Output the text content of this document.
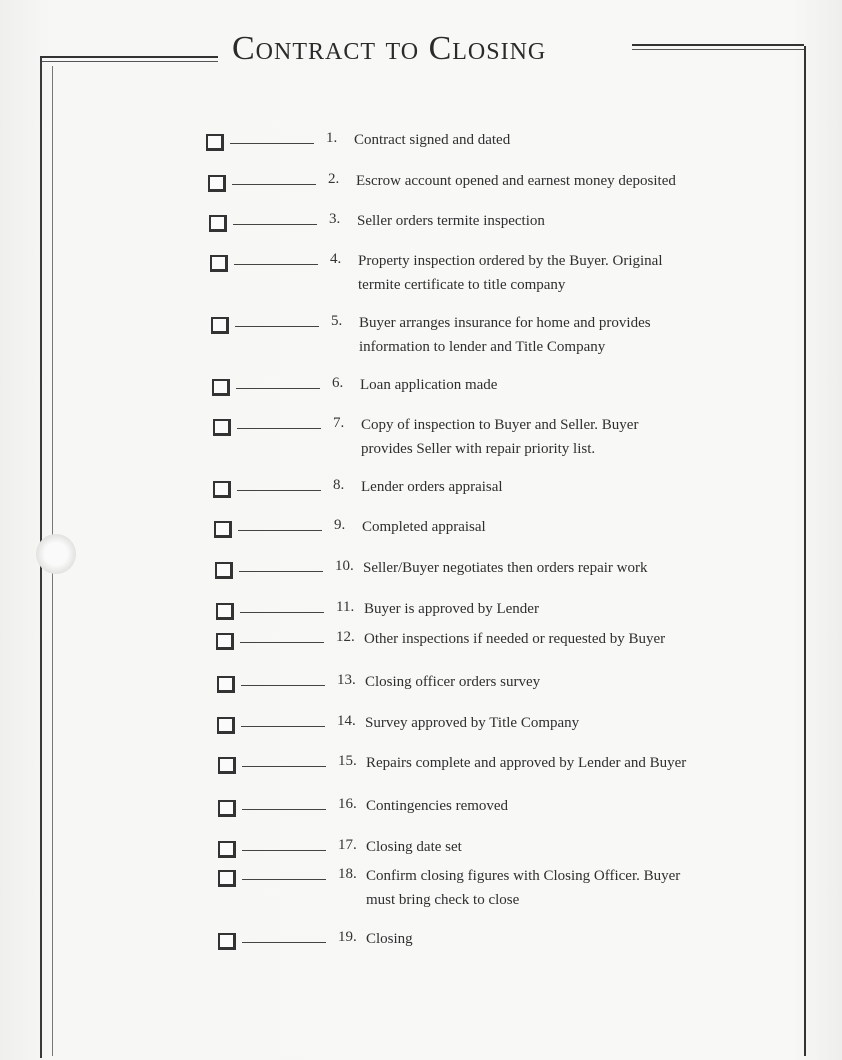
Contract to Closing
1.	Contract signed and dated
2.	Escrow account opened and earnest money deposited
3.	Seller orders termite inspection
4.	Property inspection ordered by the Buyer. Original
termite certificate to title company
5.	Buyer arranges insurance for home and provides
information to lender and Title Company
6.	Loan application made
7.	Copy of inspection to Buyer and Seller. Buyer
provides Seller with repair priority list.
8.	Lender orders appraisal
9.	Completed appraisal
10. Seller/Buyer negotiates then orders repair work
11. Buyer is approved by Lender
12. Other inspections if needed or requested by Buyer
13. Closing officer orders survey
14. Survey approved by Title Company
15. Repairs complete and approved by Lender and Buyer
16. Contingencies removed
17. Closing date set
18. Confirm closing figures with Closing Officer. Buyer
must bring check to close
19. Closing
